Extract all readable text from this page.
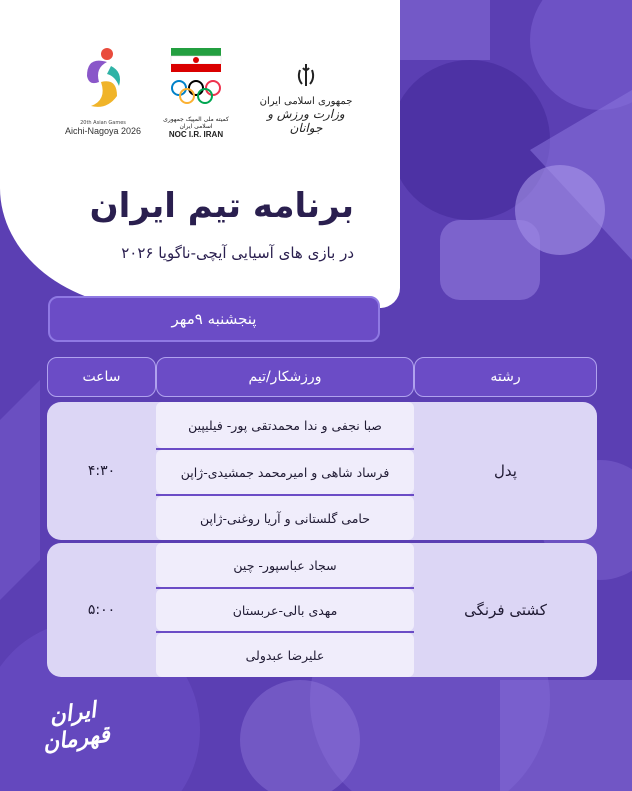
20th Asian Games
Aichi-Nagoya 2026
کمیته ملی المپیک جمهوری اسلامی ایران
NOC I.R. IRAN
جمهوری اسلامی ایران
وزارت ورزش و جوانان
برنامه تیم ایران
در بازی های آسیایی آیچی-ناگویا ۲۰۲۶
پنجشنبه ۹مهر
ساعت	ورزشکار/تیم	رشته
۴:۳۰
صبا نجفی و ندا محمدتقی پور- فیلیپین
فرساد شاهی و امیرمحمد جمشیدی-ژاپن
حامی گلستانی و آریا روغنی-ژاپن
پدل
۵:۰۰
سجاد عباسپور- چین
مهدی بالی-عربستان
علیرضا عبدولی
کشتی فرنگی
ایران قهرمان
